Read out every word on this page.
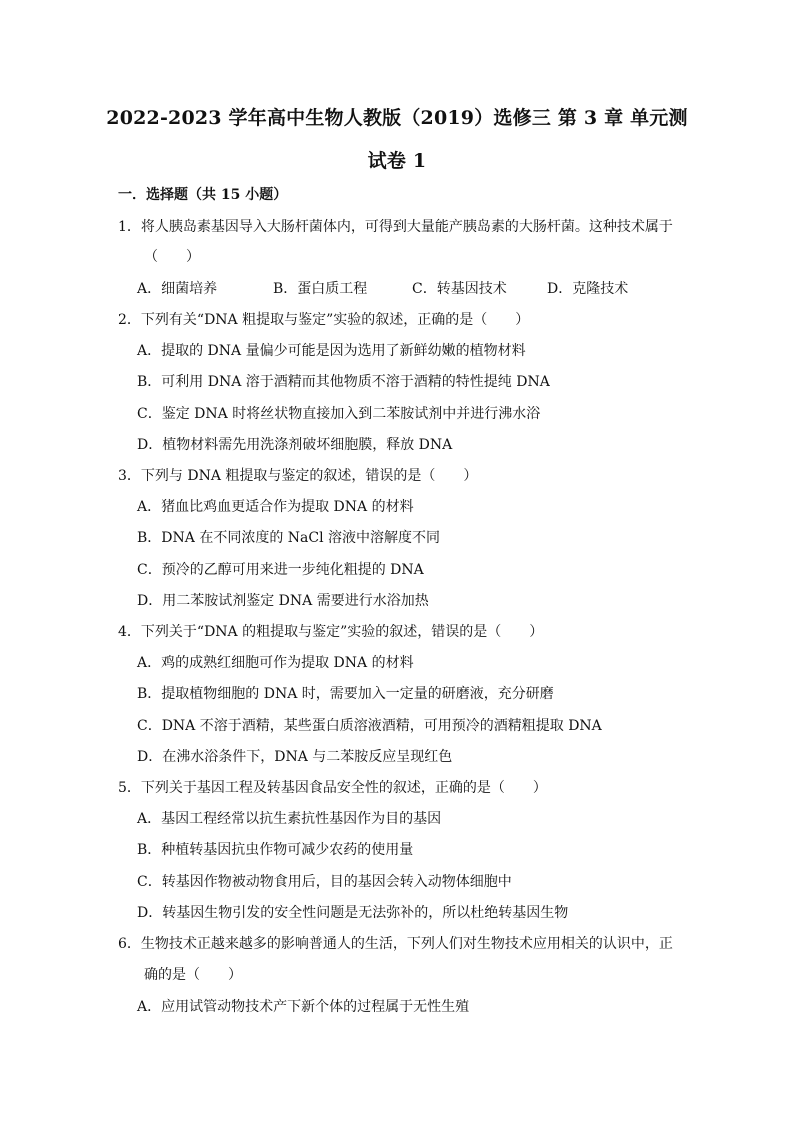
2022-2023 学年高中生物人教版（2019）选修三 第 3 章 单元测
试卷 1
一．选择题（共 15 小题）
1．将人胰岛素基因导入大肠杆菌体内，可得到大量能产胰岛素的大肠杆菌。这种技术属于
（　　）
A．细菌培养	B．蛋白质工程	C．转基因技术	D．克隆技术
2．下列有关“DNA 粗提取与鉴定”实验的叙述，正确的是（　　）
A．提取的 DNA 量偏少可能是因为选用了新鲜幼嫩的植物材料
B．可利用 DNA 溶于酒精而其他物质不溶于酒精的特性提纯 DNA
C．鉴定 DNA 时将丝状物直接加入到二苯胺试剂中并进行沸水浴
D．植物材料需先用洗涤剂破坏细胞膜，释放 DNA
3．下列与 DNA 粗提取与鉴定的叙述，错误的是（　　）
A．猪血比鸡血更适合作为提取 DNA 的材料
B．DNA 在不同浓度的 NaCl 溶液中溶解度不同
C．预冷的乙醇可用来进一步纯化粗提的 DNA
D．用二苯胺试剂鉴定 DNA 需要进行水浴加热
4．下列关于“DNA 的粗提取与鉴定”实验的叙述，错误的是（　　）
A．鸡的成熟红细胞可作为提取 DNA 的材料
B．提取植物细胞的 DNA 时，需要加入一定量的研磨液，充分研磨
C．DNA 不溶于酒精，某些蛋白质溶液酒精，可用预冷的酒精粗提取 DNA
D．在沸水浴条件下，DNA 与二苯胺反应呈现红色
5．下列关于基因工程及转基因食品安全性的叙述，正确的是（　　）
A．基因工程经常以抗生素抗性基因作为目的基因
B．种植转基因抗虫作物可减少农药的使用量
C．转基因作物被动物食用后，目的基因会转入动物体细胞中
D．转基因生物引发的安全性问题是无法弥补的，所以杜绝转基因生物
6．生物技术正越来越多的影响普通人的生活，下列人们对生物技术应用相关的认识中，正
确的是（　　）
A．应用试管动物技术产下新个体的过程属于无性生殖
